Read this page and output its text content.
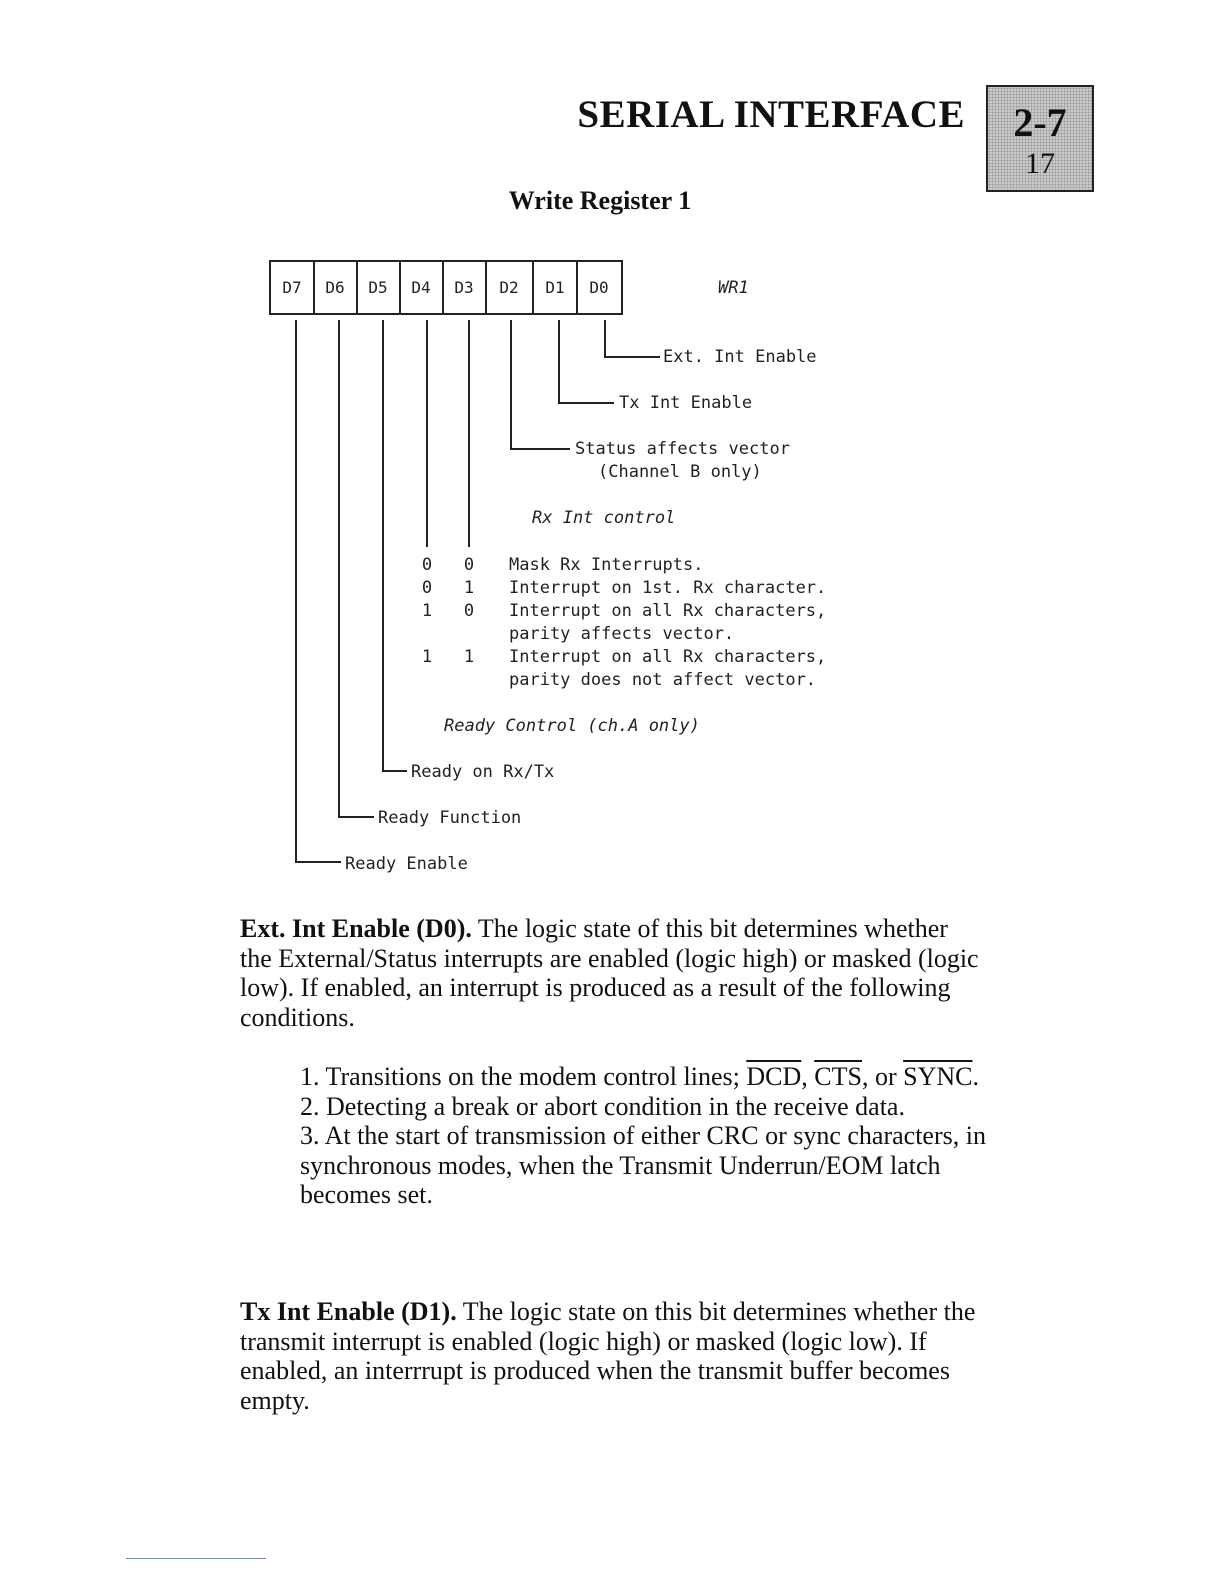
SERIAL INTERFACE	2-7
17
Write Register 1
D7 D6 D5 D4 D3 D2 D1 D0	WR1
Ext. Int Enable
Tx Int Enable
Status affects vector
(Channel B only)
Rx Int control
0 0 Mask Rx Interrupts.
0 1 Interrupt on 1st. Rx character.
1 0 Interrupt on all Rx characters,
parity affects vector.
1 1 Interrupt on all Rx characters,
parity does not affect vector.
Ready Control (ch.A only)
Ready on Rx/Tx
Ready Function
Ready Enable
Ext. Int Enable (D0). The logic state of this bit determines whether the External/Status interrupts are enabled (logic high) or masked (logic low). If enabled, an interrupt is produced as a result of the following conditions.

1. Transitions on the modem control lines; $\overline{DCD}$, $\overline{CTS}$, or SYNC.

2. Detecting a break or abort condition in the receive data.

3. At the start of transmission of either CRC or sync characters, in synchronous modes, when the Transmit Underrun/EOM latch becomes set.

Tx Int Enable (D1). The logic state on this bit determines whether the transmit interrupt is enabled (logic high) or masked (logic low). If enabled, an interrrupt is produced when the transmit buffer becomes empty.
